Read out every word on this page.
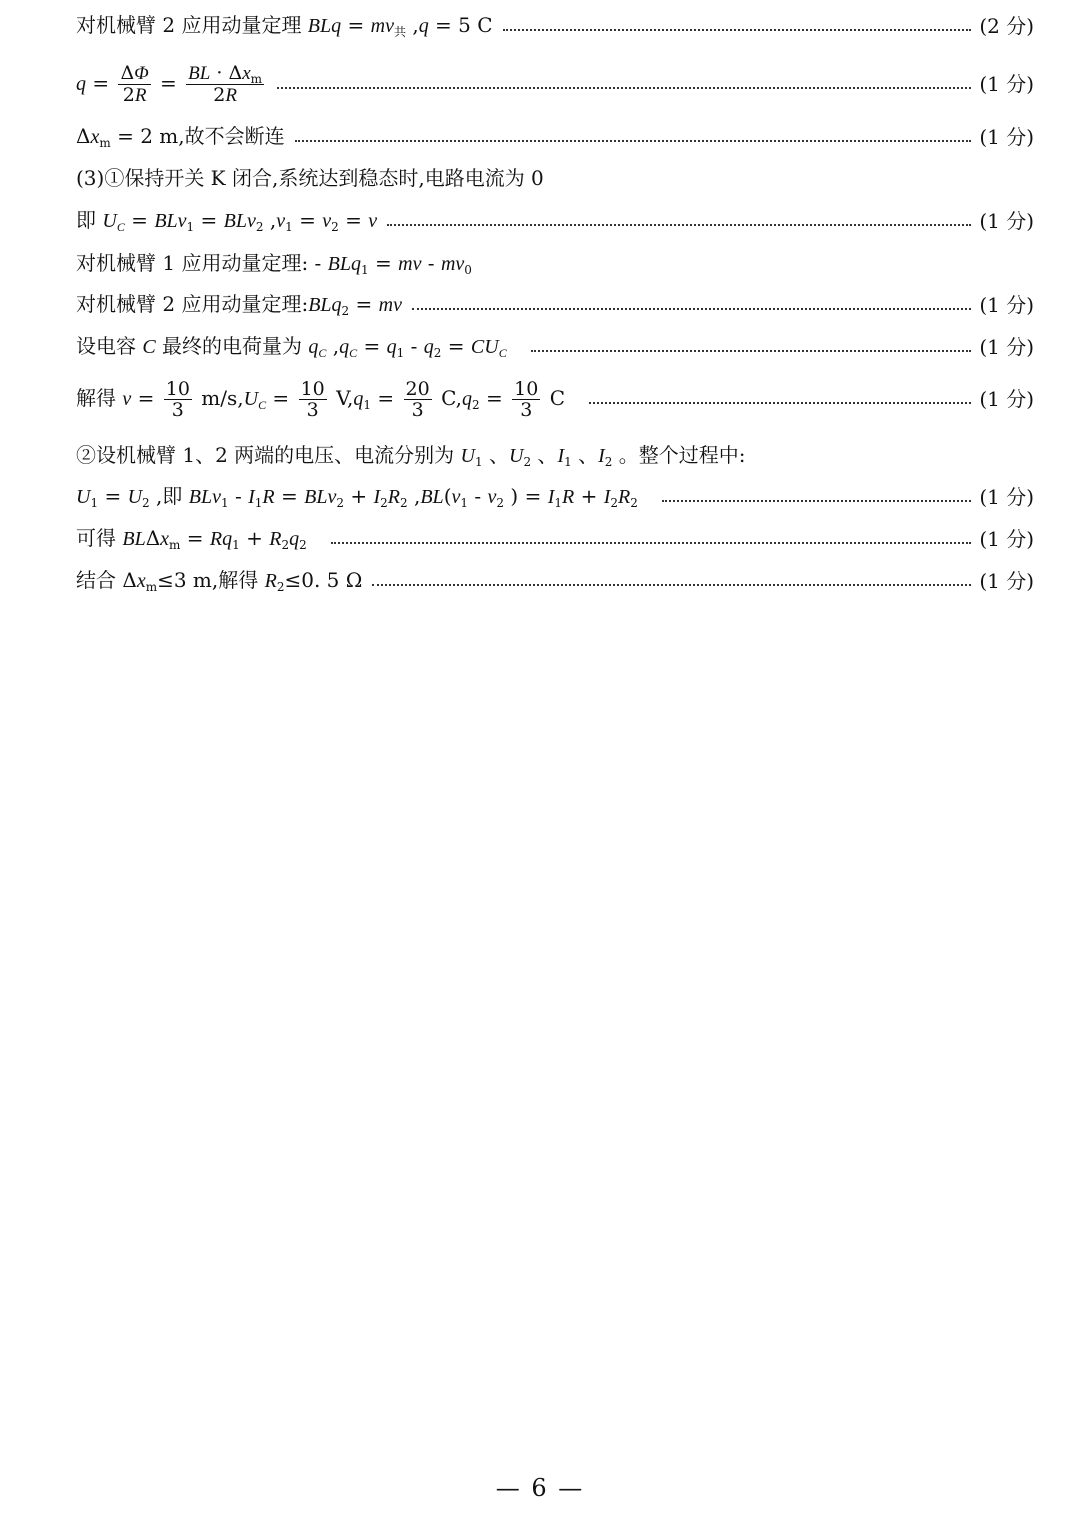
对机械臂 2 应用动量定理 BLq = $mv_共$ ,q = 5 C	(2 分)
$q = \frac{\Delta\Phi}{2R} = \frac{BL \cdot \Delta x_m}{2R}$	(1 分)
$\Delta x_m = 2$ m,故不会断连	(1 分)
(3)①保持开关 K 闭合,系统达到稳态时,电路电流为 0
即 $U_C = BLv_1 = BLv_2$ $,v_1 = v_2 = v$	(1 分)
对机械臂 1 应用动量定理: - BLq$_1$ = mv - $mv_0$
对机械臂 2 应用动量定理:BLq$_2$ = mv	(1 分)
设电容 C 最终的电荷量为 $q_C$ $,q_C = q_1 - q_2 = CU_C$	(1 分)
解得 $v = \frac{10}{3} m/s,U_C = \frac{10}{3} V,q_1 = \frac{20}{3} C,q_2 = \frac{10}{3}$ C	(1 分)
②设机械臂 1、2 两端的电压、电流分别为 $U_1$ 、$U_2$ 、$I_1$ 、$I_2$ 。整个过程中:
$U_1 = U_2$ ,即 $BLv_1 - I_1R = BLv_2 + I_2R_2$ $,BL(v_1 - v_2$ ) = $I_1R + I_2R_2$	(1 分)
可得 $BL\Delta x_m = Rq_1 + R_2q_2$	(1 分)
结合 $\Delta x_m\le 3$ m,解得 $R_2\le 0$. 5 Ω	(1 分)
— 6 —
